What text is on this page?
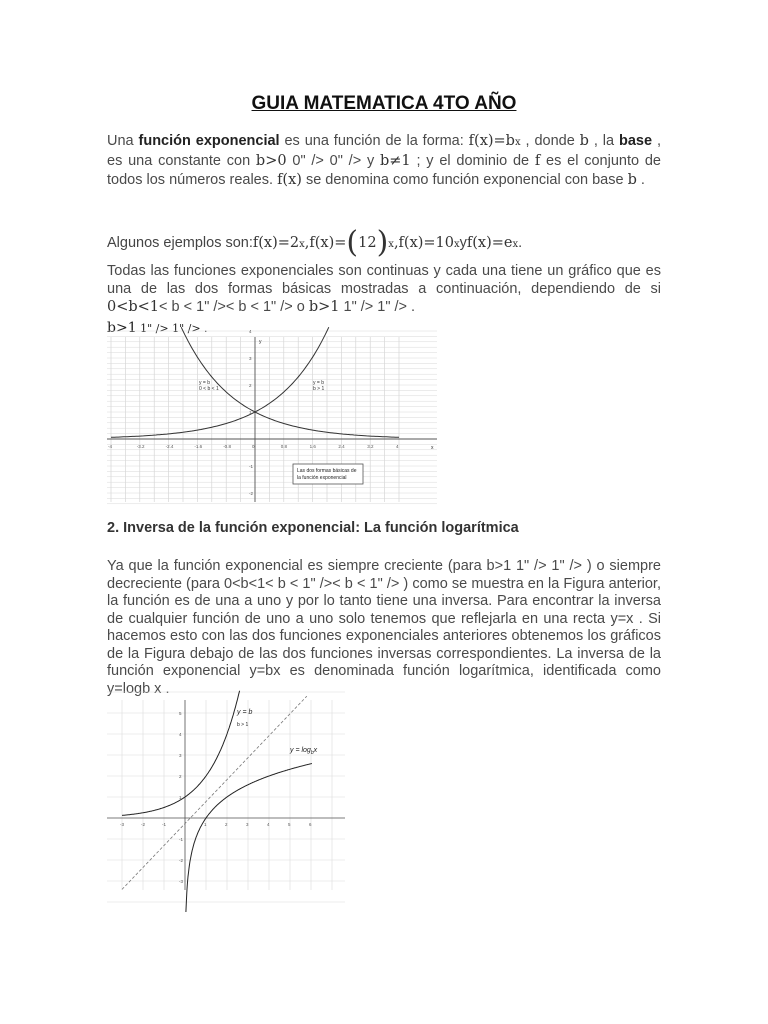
GUIA MATEMATICA 4TO AÑO

Una función exponencial es una función de la forma: f(x)=bx , donde b , la base , es una constante con b>0 0" /> 0" /> y b≠1 ; y el dominio de f es el conjunto de todos los números reales. f(x) se denomina como función exponencial con base b .

Algunos ejemplos son: f(x)=2 x ,f(x)= ( 12 ) x ,f(x)=10 x y f(x)=e x .

Todas las funciones exponenciales son continuas y cada una tiene un gráfico que es una de las dos formas básicas mostradas a continuación, dependiendo de si 0<b<1< b < 1" />< b < 1" /> o b>1 1" /> 1" /> .

b>1 1" /> 1" /> .
-4	-3.2	-2.4	-1.6	-0.8	0	0.8	1.6	2.4	3.2	4
4
3
2
1
-1
-2
y = b
0 < b < 1
y = b
b > 1
Las dos formas básicas de
la función exponencial
y
x
2. Inversa de la función exponencial: La función logarítmica

Ya que la función exponencial es siempre creciente (para b>1 1" /> 1" /> ) o siempre decreciente (para 0<b<1< b < 1" />< b < 1" /> ) como se muestra en la Figura anterior, la función es de una a uno y por lo tanto tiene una inversa. Para encontrar la inversa de cualquier función de uno a uno solo tenemos que reflejarla en una recta y=x . Si hacemos esto con las dos funciones exponenciales anteriores obtenemos los gráficos de la Figura debajo de las dos funciones inversas correspondientes. La inversa de la función exponencial y=bx es denominada función logarítmica, identificada como y=logb x .

-3	-2	-1	1	2	3	4	5	6
5
4
3
2
1
-1
-2
-3
y = b
b > 1
$y = \log_bx$
